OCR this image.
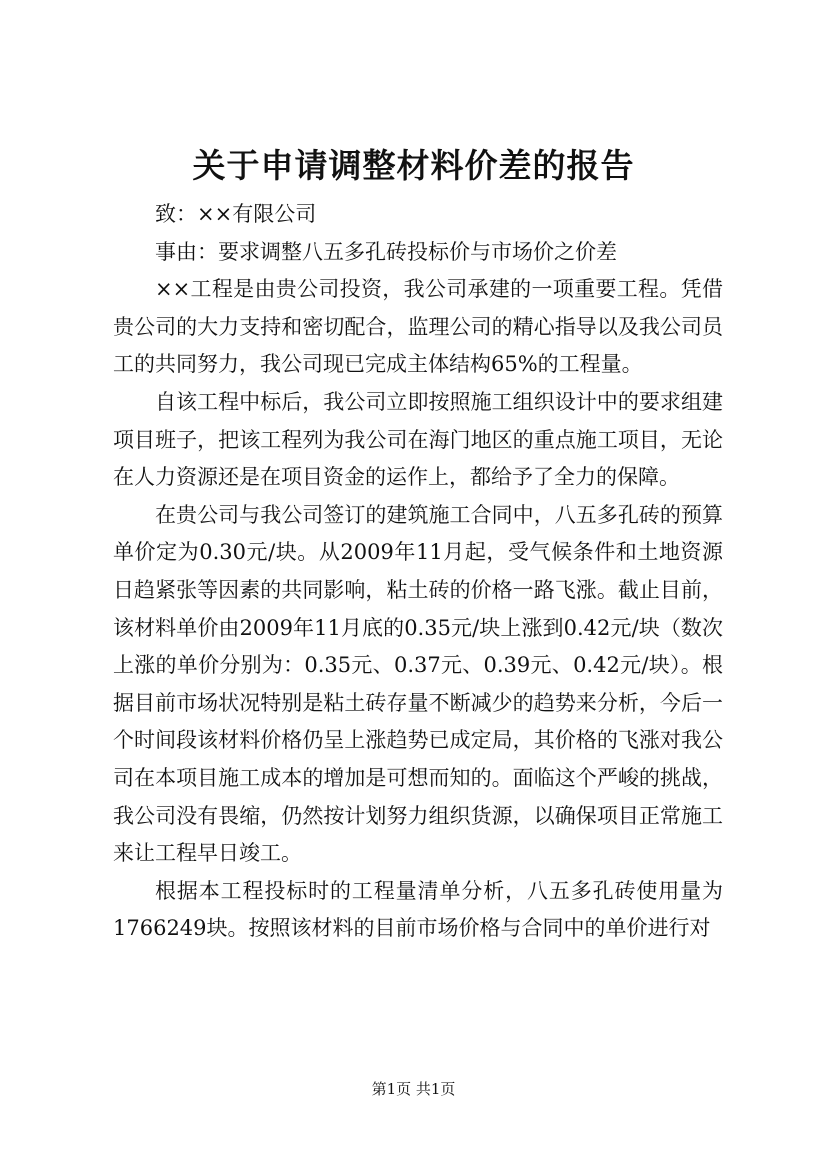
关于申请调整材料价差的报告

致：××有限公司

事由：要求调整八五多孔砖投标价与市场价之价差

××工程是由贵公司投资，我公司承建的一项重要工程。凭借贵公司的大力支持和密切配合，监理公司的精心指导以及我公司员工的共同努力，我公司现已完成主体结构65%的工程量。

自该工程中标后，我公司立即按照施工组织设计中的要求组建项目班子，把该工程列为我公司在海门地区的重点施工项目，无论在人力资源还是在项目资金的运作上，都给予了全力的保障。

在贵公司与我公司签订的建筑施工合同中，八五多孔砖的预算单价定为0.30元/块。从2009年11月起，受气候条件和土地资源日趋紧张等因素的共同影响，粘土砖的价格一路飞涨。截止目前，该材料单价由2009年11月底的0.35元/块上涨到0.42元/块（数次上涨的单价分别为：0.35元、0.37元、0.39元、0.42元/块）。根据目前市场状况特别是粘土砖存量不断减少的趋势来分析，今后一个时间段该材料价格仍呈上涨趋势已成定局，其价格的飞涨对我公司在本项目施工成本的增加是可想而知的。面临这个严峻的挑战，我公司没有畏缩，仍然按计划努力组织货源，以确保项目正常施工来让工程早日竣工。

根据本工程投标时的工程量清单分析，八五多孔砖使用量为1766249块。按照该材料的目前市场价格与合同中的单价进行对

第1页 共1页
